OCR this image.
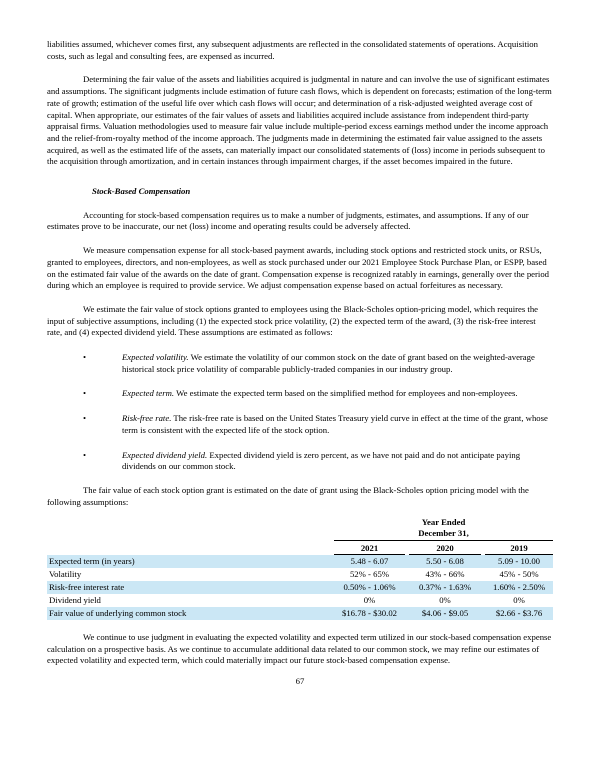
liabilities assumed, whichever comes first, any subsequent adjustments are reflected in the consolidated statements of operations. Acquisition costs, such as legal and consulting fees, are expensed as incurred.

Determining the fair value of the assets and liabilities acquired is judgmental in nature and can involve the use of significant estimates and assumptions. The significant judgments include estimation of future cash flows, which is dependent on forecasts; estimation of the long-term rate of growth; estimation of the useful life over which cash flows will occur; and determination of a risk-adjusted weighted average cost of capital. When appropriate, our estimates of the fair values of assets and liabilities acquired include assistance from independent third-party appraisal firms. Valuation methodologies used to measure fair value include multiple-period excess earnings method under the income approach and the relief-from-royalty method of the income approach. The judgments made in determining the estimated fair value assigned to the assets acquired, as well as the estimated life of the assets, can materially impact our consolidated statements of (loss) income in periods subsequent to the acquisition through amortization, and in certain instances through impairment charges, if the asset becomes impaired in the future.

Stock-Based Compensation

Accounting for stock-based compensation requires us to make a number of judgments, estimates, and assumptions. If any of our estimates prove to be inaccurate, our net (loss) income and operating results could be adversely affected.

We measure compensation expense for all stock-based payment awards, including stock options and restricted stock units, or RSUs, granted to employees, directors, and non-employees, as well as stock purchased under our 2021 Employee Stock Purchase Plan, or ESPP, based on the estimated fair value of the awards on the date of grant. Compensation expense is recognized ratably in earnings, generally over the period during which an employee is required to provide service. We adjust compensation expense based on actual forfeitures as necessary.

We estimate the fair value of stock options granted to employees using the Black-Scholes option-pricing model, which requires the input of subjective assumptions, including (1) the expected stock price volatility, (2) the expected term of the award, (3) the risk-free interest rate, and (4) expected dividend yield. These assumptions are estimated as follows:

•	Expected volatility. We estimate the volatility of our common stock on the date of grant based on the weighted-average historical stock price volatility of comparable publicly-traded companies in our industry group.
•	Expected term. We estimate the expected term based on the simplified method for employees and non-employees.
•	Risk-free rate. The risk-free rate is based on the United States Treasury yield curve in effect at the time of the grant, whose term is consistent with the expected life of the stock option.
•	Expected dividend yield. Expected dividend yield is zero percent, as we have not paid and do not anticipate paying dividends on our common stock.

The fair value of each stock option grant is estimated on the date of grant using the Black-Scholes option pricing model with the following assumptions:

	Year Ended
December 31,				

	2021		2020		2019
Expected term (in years)	5.48 - 6.07		5.50 - 6.08		5.09 - 10.00
Volatility	52% - 65%		43% - 66%		45% - 50%
Risk-free interest rate	0.50% - 1.06%		0.37% - 1.63%		1.60% - 2.50%
Dividend yield	0%		0%		0%
Fair value of underlying common stock	$16.78 - $30.02		$4.06 - $9.05		$2.66 - $3.76

We continue to use judgment in evaluating the expected volatility and expected term utilized in our stock-based compensation expense calculation on a prospective basis. As we continue to accumulate additional data related to our common stock, we may refine our estimates of expected volatility and expected term, which could materially impact our future stock-based compensation expense.

67
